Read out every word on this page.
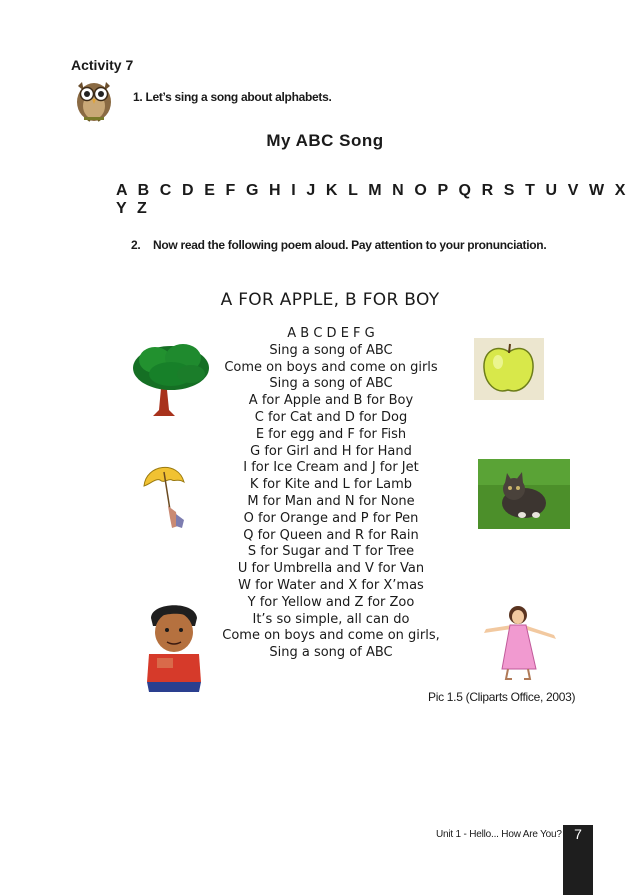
Activity 7
1. Let’s sing a song about alphabets.
My ABC Song
A B C D E F G H I J K L M N O P Q R S T U V W X Y Z
2. Now read the following poem aloud. Pay attention to your pronunciation.
A FOR APPLE, B FOR BOY
A B C D E F G
Sing a song of ABC
Come on boys and come on girls
Sing a song of ABC
A for Apple and B for Boy
C for Cat and D for Dog
E for egg and F for Fish
G for Girl and H for Hand
I for Ice Cream and J for Jet
K for Kite and L for Lamb
M for Man and N for None
O for Orange and P for Pen
Q for Queen and R for Rain
S for Sugar and T for Tree
U for Umbrella and V for Van
W for Water and X for X’mas
Y for Yellow and Z for Zoo
It’s so simple, all can do
Come on boys and come on girls,
Sing a song of ABC
Pic 1.5 (Cliparts Office, 2003)
Unit 1 - Hello... How Are You? 7
